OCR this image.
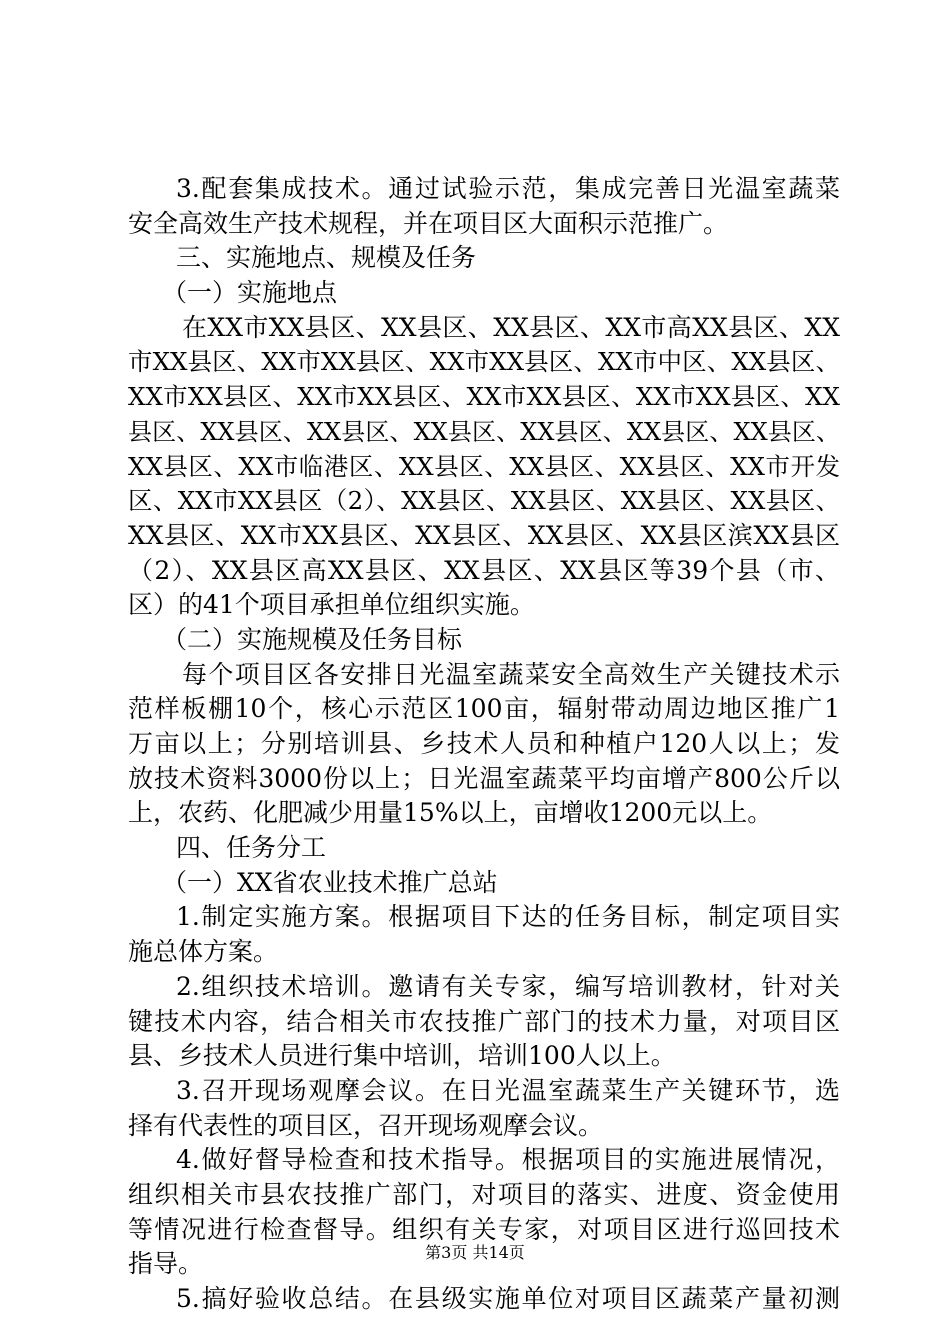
3.配套集成技术。通过试验示范，集成完善日光温室蔬菜
安全高效生产技术规程，并在项目区大面积示范推广。
三、实施地点、规模及任务
（一）实施地点
在XX市XX县区、XX县区、XX县区、XX市高XX县区、XX
市XX县区、XX市XX县区、XX市XX县区、XX市中区、XX县区、
XX市XX县区、XX市XX县区、XX市XX县区、XX市XX县区、XX
县区、XX县区、XX县区、XX县区、XX县区、XX县区、XX县区、
XX县区、XX市临港区、XX县区、XX县区、XX县区、XX市开发
区、XX市XX县区（2）、XX县区、XX县区、XX县区、XX县区、
XX县区、XX市XX县区、XX县区、XX县区、XX县区滨XX县区
（2）、XX县区高XX县区、XX县区、XX县区等39个县（市、
区）的41个项目承担单位组织实施。
（二）实施规模及任务目标
每个项目区各安排日光温室蔬菜安全高效生产关键技术示
范样板棚10个，核心示范区100亩，辐射带动周边地区推广1
万亩以上；分别培训县、乡技术人员和种植户120人以上；发
放技术资料3000份以上；日光温室蔬菜平均亩增产800公斤以
上，农药、化肥减少用量15%以上，亩增收1200元以上。
四、任务分工
（一）XX省农业技术推广总站
1.制定实施方案。根据项目下达的任务目标，制定项目实
施总体方案。
2.组织技术培训。邀请有关专家，编写培训教材，针对关
键技术内容，结合相关市农技推广部门的技术力量，对项目区
县、乡技术人员进行集中培训，培训100人以上。
3.召开现场观摩会议。在日光温室蔬菜生产关键环节，选
择有代表性的项目区，召开现场观摩会议。
4.做好督导检查和技术指导。根据项目的实施进展情况，
组织相关市县农技推广部门，对项目的落实、进度、资金使用
等情况进行检查督导。组织有关专家，对项目区进行巡回技术
指导。
5.搞好验收总结。在县级实施单位对项目区蔬菜产量初测
第3页 共14页
